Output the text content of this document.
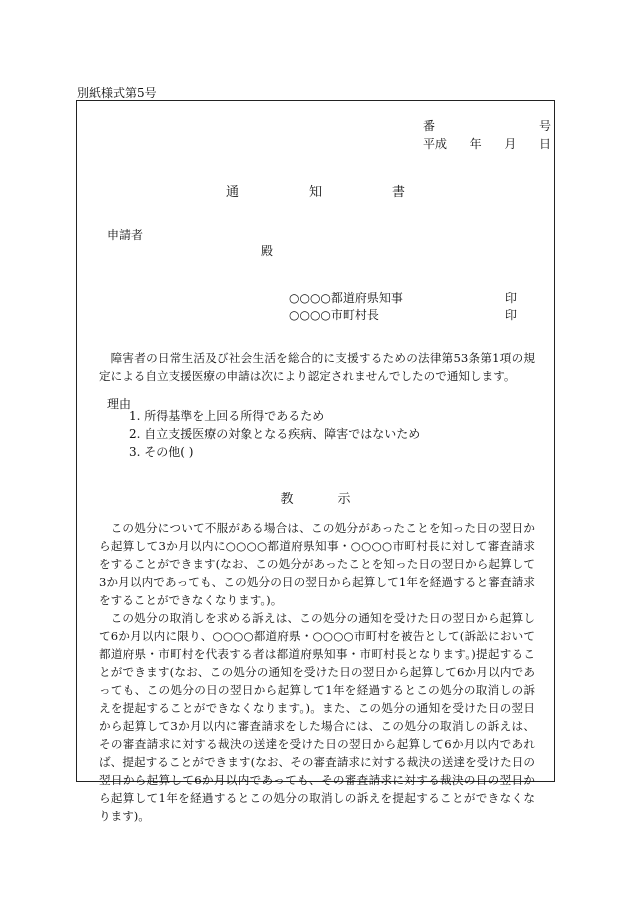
別紙様式第5号
番	号
平成 年 月 日
通	知	書
申請者
殿
○○○○都道府県知事	印
○○○○市町村長	印

障害者の日常生活及び社会生活を総合的に支援するための法律第53条第1項の規定による自立支援医療の申請は次により認定されませんでしたので通知します。

理由
1. 所得基準を上回る所得であるため
2. 自立支援医療の対象となる疾病、障害ではないため
3. その他( )
教	示

この処分について不服がある場合は、この処分があったことを知った日の翌日から起算して3か月以内に○○○○都道府県知事・○○○○市町村長に対して審査請求をすることができます(なお、この処分があったことを知った日の翌日から起算して3か月以内であっても、この処分の日の翌日から起算して1年を経過すると審査請求をすることができなくなります。)。

この処分の取消しを求める訴えは、この処分の通知を受けた日の翌日から起算して6か月以内に限り、○○○○都道府県・○○○○市町村を被告として(訴訟において都道府県・市町村を代表する者は都道府県知事・市町村長となります。)提起することができます(なお、この処分の通知を受けた日の翌日から起算して6か月以内であっても、この処分の日の翌日から起算して1年を経過するとこの処分の取消しの訴えを提起することができなくなります。)。また、この処分の通知を受けた日の翌日から起算して3か月以内に審査請求をした場合には、この処分の取消しの訴えは、その審査請求に対する裁決の送達を受けた日の翌日から起算して6か月以内であれば、提起することができます(なお、その審査請求に対する裁決の送達を受けた日の翌日から起算して6か月以内であっても、その審査請求に対する裁決の日の翌日から起算して1年を経過するとこの処分の取消しの訴えを提起することができなくなります)。
